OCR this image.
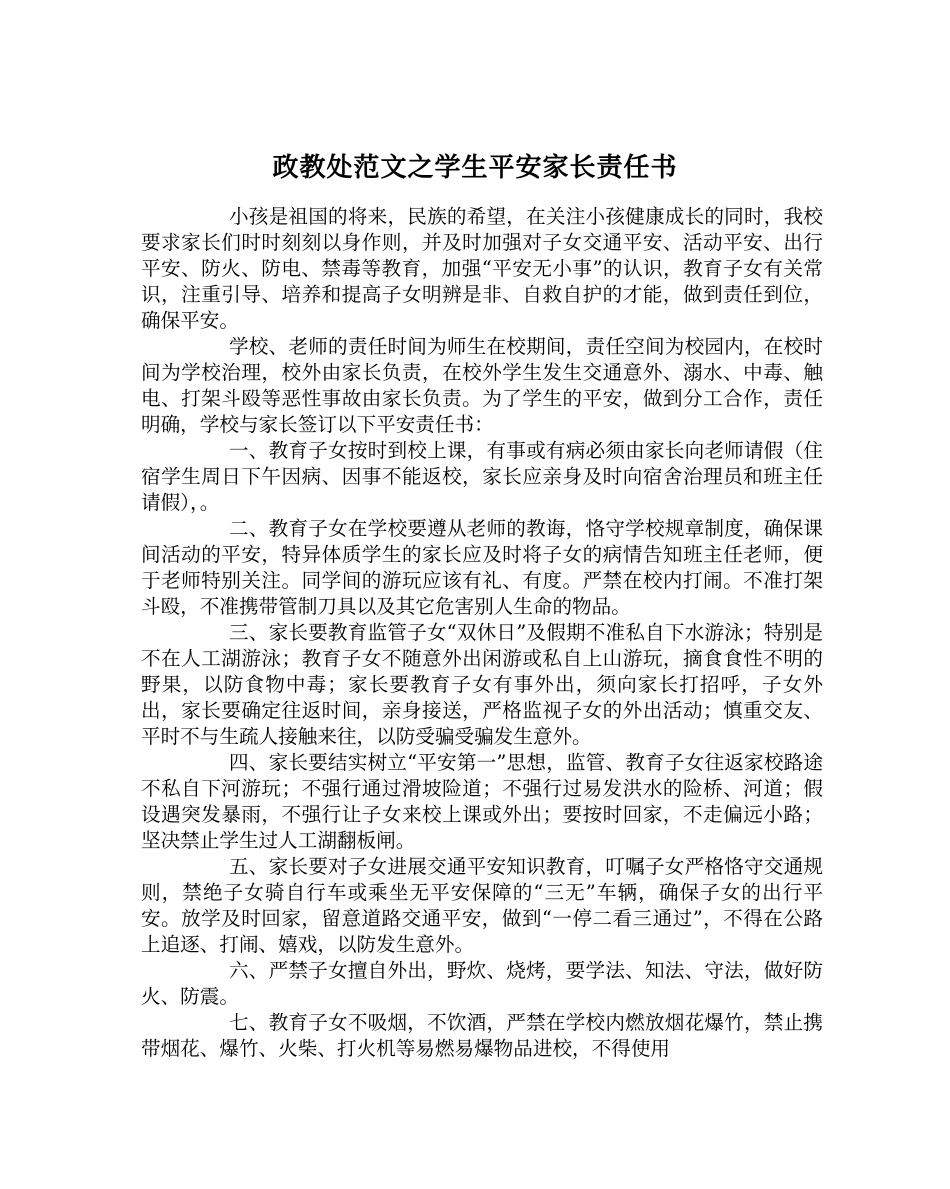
政教处范文之学生平安家长责任书

小孩是祖国的将来，民族的希望，在关注小孩健康成长的同时，我校要求家长们时时刻刻以身作则，并及时加强对子女交通平安、活动平安、出行平安、防火、防电、禁毒等教育，加强“平安无小事”的认识，教育子女有关常识，注重引导、培养和提高子女明辨是非、自救自护的才能，做到责任到位，确保平安。

学校、老师的责任时间为师生在校期间，责任空间为校园内，在校时间为学校治理，校外由家长负责，在校外学生发生交通意外、溺水、中毒、触电、打架斗殴等恶性事故由家长负责。为了学生的平安，做到分工合作，责任明确，学校与家长签订以下平安责任书：

一、教育子女按时到校上课，有事或有病必须由家长向老师请假（住宿学生周日下午因病、因事不能返校，家长应亲身及时向宿舍治理员和班主任请假），。

二、教育子女在学校要遵从老师的教诲，恪守学校规章制度，确保课间活动的平安，特异体质学生的家长应及时将子女的病情告知班主任老师，便于老师特别关注。同学间的游玩应该有礼、有度。严禁在校内打闹。不准打架斗殴，不准携带管制刀具以及其它危害别人生命的物品。

三、家长要教育监管子女“双休日”及假期不准私自下水游泳；特别是不在人工湖游泳；教育子女不随意外出闲游或私自上山游玩，摘食食性不明的野果，以防食物中毒；家长要教育子女有事外出，须向家长打招呼，子女外出，家长要确定往返时间，亲身接送，严格监视子女的外出活动；慎重交友、平时不与生疏人接触来往，以防受骗受骗发生意外。

四、家长要结实树立“平安第一”思想，监管、教育子女往返家校路途不私自下河游玩；不强行通过滑坡险道；不强行过易发洪水的险桥、河道；假设遇突发暴雨，不强行让子女来校上课或外出；要按时回家，不走偏远小路；坚决禁止学生过人工湖翻板闸。

五、家长要对子女进展交通平安知识教育，叮嘱子女严格恪守交通规则，禁绝子女骑自行车或乘坐无平安保障的“三无”车辆，确保子女的出行平安。放学及时回家，留意道路交通平安，做到“一停二看三通过”，不得在公路上追逐、打闹、嬉戏，以防发生意外。

六、严禁子女擅自外出，野炊、烧烤，要学法、知法、守法，做好防火、防震。

七、教育子女不吸烟，不饮酒，严禁在学校内燃放烟花爆竹，禁止携带烟花、爆竹、火柴、打火机等易燃易爆物品进校，不得使用
